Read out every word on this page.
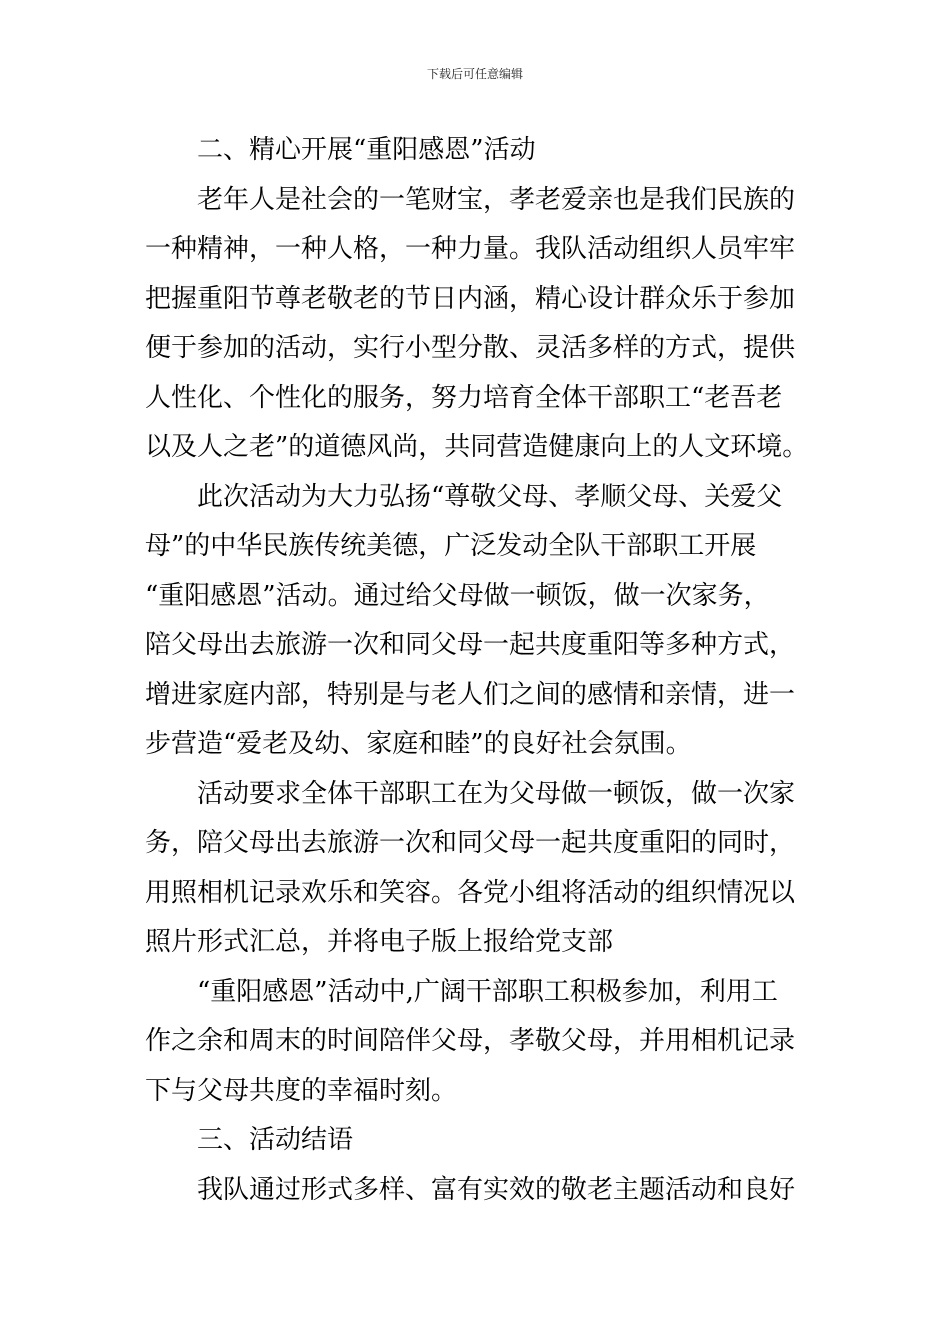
下载后可任意编辑
二、精心开展“重阳感恩”活动
老年人是社会的一笔财宝，孝老爱亲也是我们民族的
一种精神，一种人格，一种力量。我队活动组织人员牢牢
把握重阳节尊老敬老的节日内涵，精心设计群众乐于参加
便于参加的活动，实行小型分散、灵活多样的方式，提供
人性化、个性化的服务，努力培育全体干部职工“老吾老
以及人之老”的道德风尚，共同营造健康向上的人文环境。
此次活动为大力弘扬“尊敬父母、孝顺父母、关爱父
母”的中华民族传统美德，广泛发动全队干部职工开展
“重阳感恩”活动。通过给父母做一顿饭，做一次家务，
陪父母出去旅游一次和同父母一起共度重阳等多种方式，
增进家庭内部，特别是与老人们之间的感情和亲情，进一
步营造“爱老及幼、家庭和睦”的良好社会氛围。
活动要求全体干部职工在为父母做一顿饭，做一次家
务，陪父母出去旅游一次和同父母一起共度重阳的同时，
用照相机记录欢乐和笑容。各党小组将活动的组织情况以
照片形式汇总，并将电子版上报给党支部
“重阳感恩”活动中,广阔干部职工积极参加，利用工
作之余和周末的时间陪伴父母，孝敬父母，并用相机记录
下与父母共度的幸福时刻。
三、活动结语
我队通过形式多样、富有实效的敬老主题活动和良好
